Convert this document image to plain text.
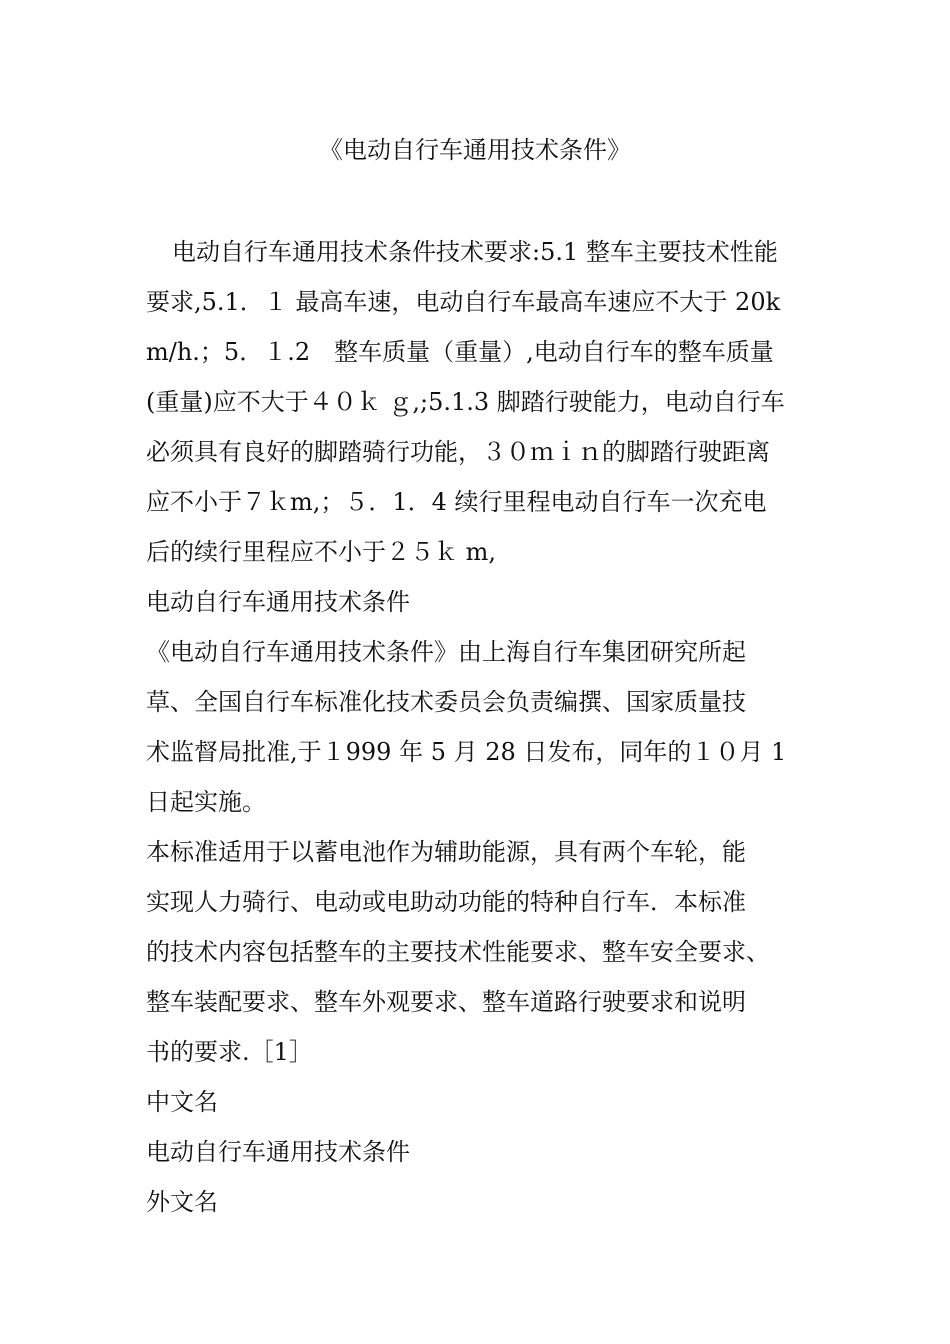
《电动自行车通用技术条件》
电动自行车通用技术条件技术要求:5.1 整车主要技术性能
要求,5.1．１ 最高车速，电动自行车最高车速应不大于 20k
m/h.；5．１.2　整车质量（重量）,电动自行车的整车质量
(重量)应不大于４０ｋ ｇ,;5.1.3 脚踏行驶能力，电动自行车
必须具有良好的脚踏骑行功能，３０ｍｉｎ的脚踏行驶距离
应不小于７ｋm,；５．1．4 续行里程电动自行车一次充电
后的续行里程应不小于２５ｋ m,
电动自行车通用技术条件
《电动自行车通用技术条件》由上海自行车集团研究所起
草、全国自行车标准化技术委员会负责编撰、国家质量技
术监督局批准,于１999 年 5 月 28 日发布，同年的１０月 1
日起实施。
本标准适用于以蓄电池作为辅助能源，具有两个车轮，能
实现人力骑行、电动或电助动功能的特种自行车．本标准
的技术内容包括整车的主要技术性能要求、整车安全要求、
整车装配要求、整车外观要求、整车道路行驶要求和说明
书的要求.［1］
中文名
电动自行车通用技术条件
外文名
